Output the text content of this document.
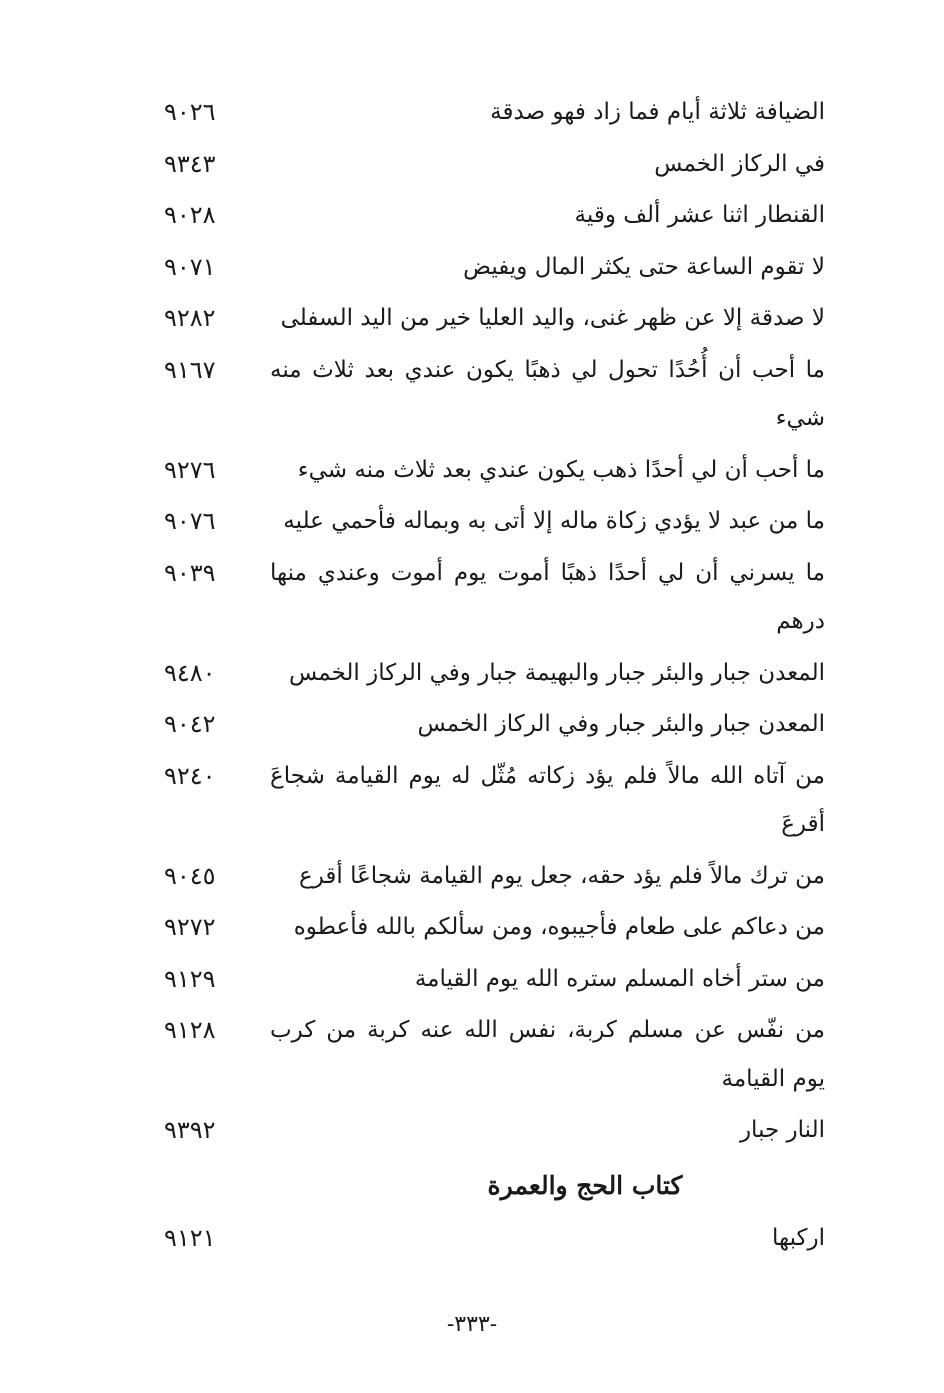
الضيافة ثلاثة أيام فما زاد فهو صدقة
٩٠٢٦
في الركاز الخمس
٩٣٤٣
القنطار اثنا عشر ألف وقية
٩٠٢٨
لا تقوم الساعة حتى يكثر المال ويفيض
٩٠٧١
لا صدقة إلا عن ظهر غنى، واليد العليا خير من اليد السفلى
٩٢٨٢
ما أحب أن أُحُدًا تحول لي ذهبًا يكون عندي بعد ثلاث منه شيء
٩١٦٧
ما أحب أن لي أحدًا ذهب يكون عندي بعد ثلاث منه شيء
٩٢٧٦
ما من عبد لا يؤدي زكاة ماله إلا أتى به وبماله فأحمي عليه
٩٠٧٦
ما يسرني أن لي أحدًا ذهبًا أموت يوم أموت وعندي منها درهم
٩٠٣٩
المعدن جبار والبئر جبار والبهيمة جبار وفي الركاز الخمس
٩٤٨٠
المعدن جبار والبئر جبار وفي الركاز الخمس
٩٠٤٢
من آتاه الله مالاً فلم يؤد زكاته مُثّل له يوم القيامة شجاعَ أقرعَ
٩٢٤٠
من ترك مالاً فلم يؤد حقه، جعل يوم القيامة شجاعًا أقرع
٩٠٤٥
من دعاكم على طعام فأجيبوه، ومن سألكم بالله فأعطوه
٩٢٧٢
من ستر أخاه المسلم ستره الله يوم القيامة
٩١٢٩
من نفّس عن مسلم كربة، نفس الله عنه كربة من كرب يوم القيامة
٩١٢٨
النار جبار
٩٣٩٢
كتاب الحج والعمرة
اركبها
٩١٢١
-٣٣٣-
